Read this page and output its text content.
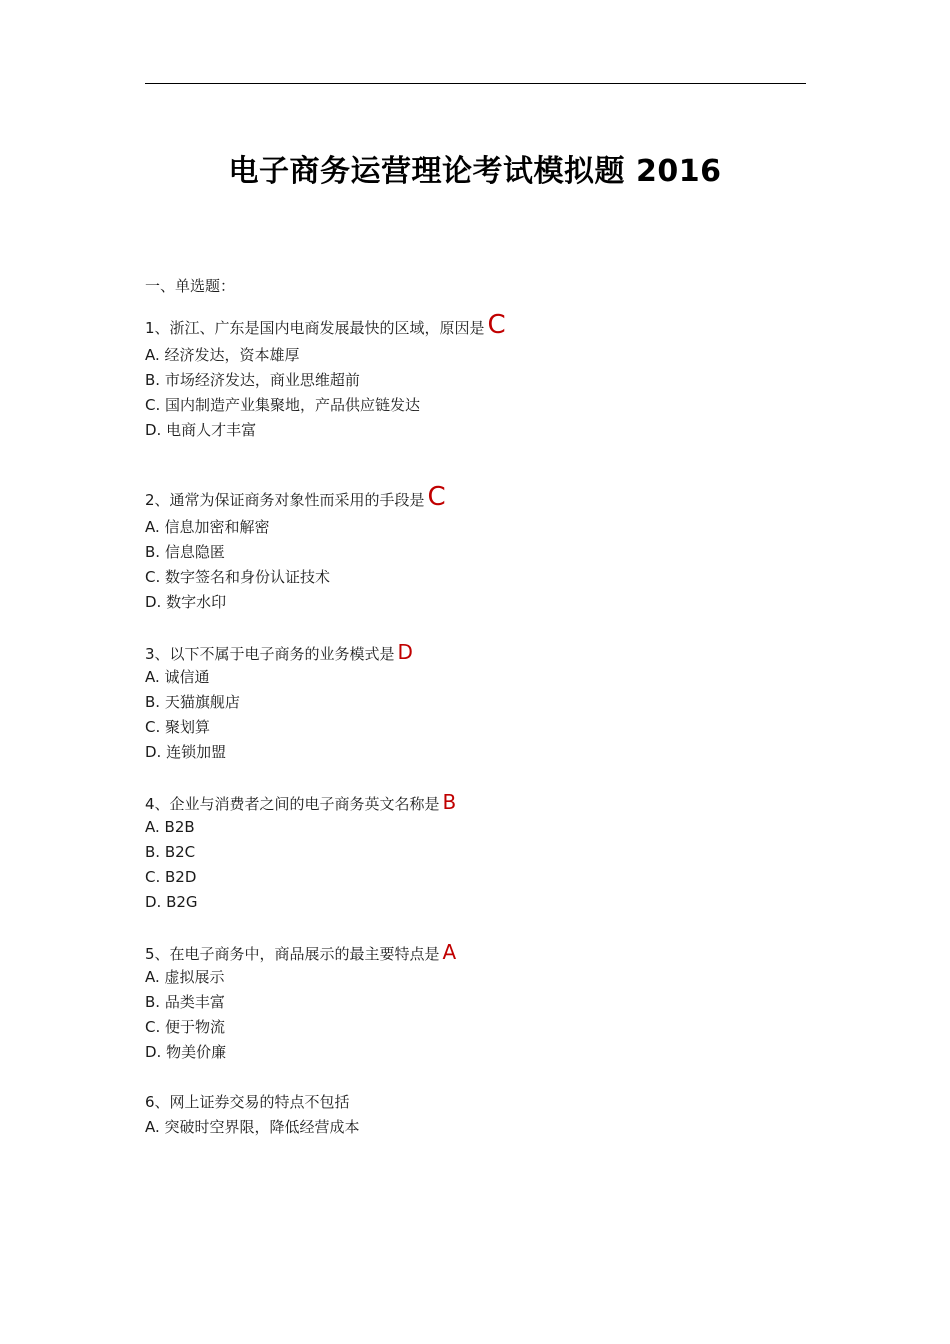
电子商务运营理论考试模拟题 2016
一、单选题：
1、浙江、广东是国内电商发展最快的区域，原因是 C
A. 经济发达，资本雄厚
B. 市场经济发达，商业思维超前
C. 国内制造产业集聚地，产品供应链发达
D. 电商人才丰富
2、通常为保证商务对象性而采用的手段是 C
A. 信息加密和解密
B. 信息隐匿
C. 数字签名和身份认证技术
D. 数字水印
3、以下不属于电子商务的业务模式是 D
A. 诚信通
B. 天猫旗舰店
C. 聚划算
D. 连锁加盟
4、企业与消费者之间的电子商务英文名称是 B
A. B2B
B. B2C
C. B2D
D. B2G
5、在电子商务中，商品展示的最主要特点是 A
A. 虚拟展示
B. 品类丰富
C. 便于物流
D. 物美价廉
6、网上证券交易的特点不包括
A. 突破时空界限，降低经营成本
